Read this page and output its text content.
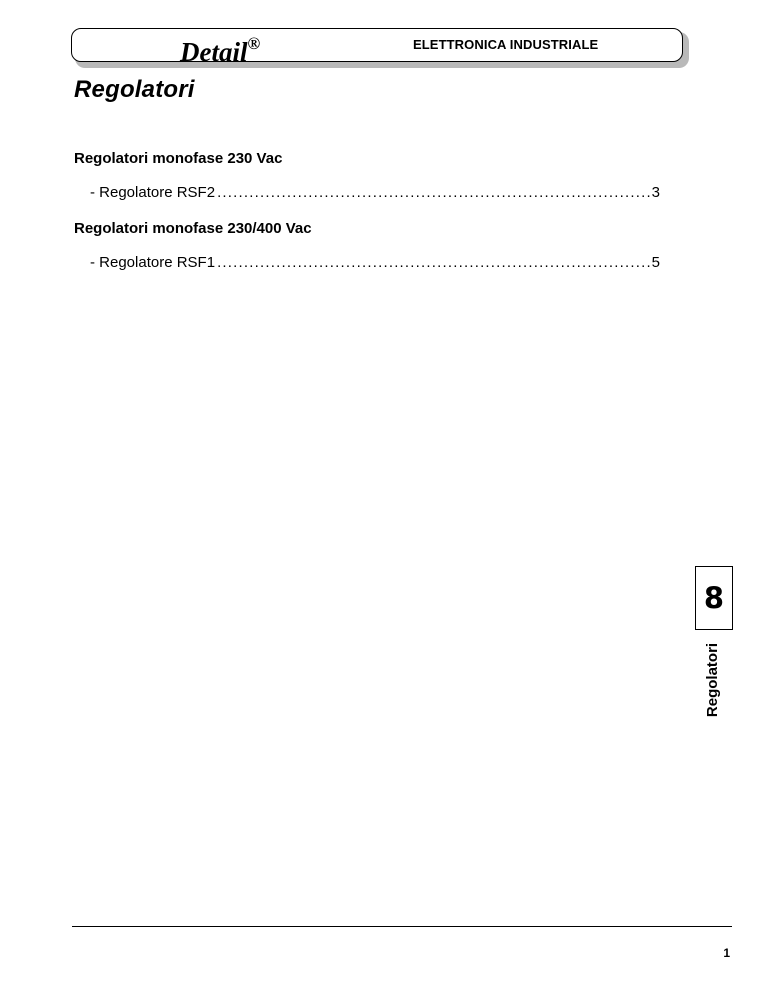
Detail®	ELETTRONICA INDUSTRIALE
Regolatori
Regolatori monofase 230 Vac
- Regolatore RSF2 .....	3
Regolatori monofase 230/400 Vac
- Regolatore RSF1 .....	5
8
Regolatori
1
